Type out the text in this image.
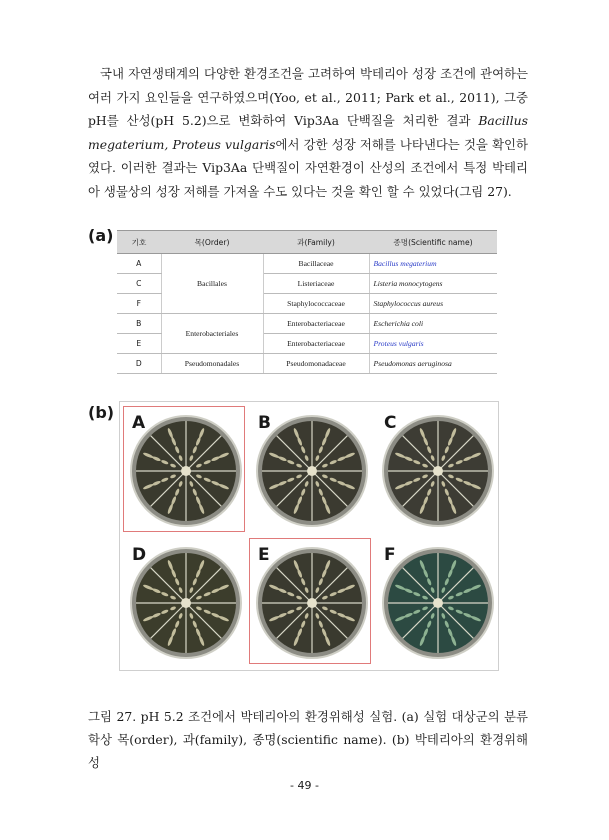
국내 자연생태계의 다양한 환경조건을 고려하여 박테리아 성장 조건에 관여하는 여러 가지 요인들을 연구하였으며(Yoo, et al., 2011; Park et al., 2011), 그중 pH를 산성(pH 5.2)으로 변화하여 Vip3Aa 단백질을 처리한 결과 Bacillus megaterium, Proteus vulgaris에서 강한 성장 저해를 나타낸다는 것을 확인하였다. 이러한 결과는 Vip3Aa 단백질이 자연환경이 산성의 조건에서 특정 박테리아 생물상의 성장 저해를 가져올 수도 있다는 것을 확인 할 수 있었다(그림 27).
(a) 기호	목(Order)	과(Family)	종명(Scientific name)
A	Bacillales	Bacillaceae	Bacillus megaterium
C		Listeriaceae	Listeria monocytogens
F		Staphylococcaceae	Staphylococcus aureus
B	Enterobacteriales	Enterobacteriaceae	Escherichia coli
E		Enterobacteriaceae	Proteus vulgaris
D	Pseudomonadales	Pseudomonadaceae	Pseudomonas aeruginosa
(b)
A	B	C
D	E	F
그림 27. pH 5.2 조건에서 박테리아의 환경위해성 실험. (a) 실험 대상군의 분류학상 목(order), 과(family), 종명(scientific name). (b) 박테리아의 환경위해성
- 49 -
